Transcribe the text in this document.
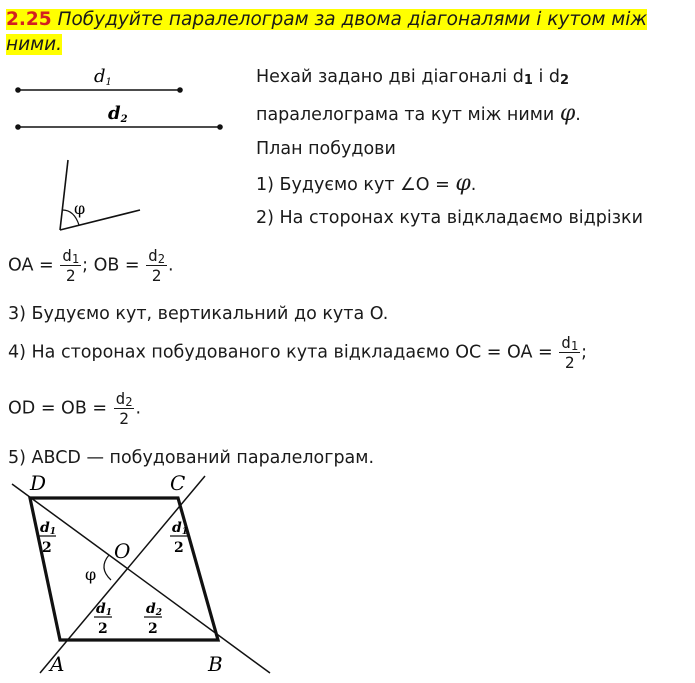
2.25 Побудуйте паралелограм за двома діагоналями і кутом між
ними.
d1
d2
φ
Нехай задано дві діагоналі d1 і d2
паралелограма та кут між ними φ.
План побудови
1) Будуємо кут ∠O = φ.
2) На сторонах кута відкладаємо відрізки
OA = $\frac{d_1}{2}$ ; OB = $\frac{d_2}{2}$ .
3) Будуємо кут, вертикальний до кута O.
4) На сторонах побудованого кута відкладаємо OC = OA = $\frac{d_1}{2}$ ;
OD = OB = $\frac{d_2}{2}$ .
5) ABCD — побудований паралелограм.
D	C
A	B
O
φ
d1
2
d1
2
d1
2
d2
2
